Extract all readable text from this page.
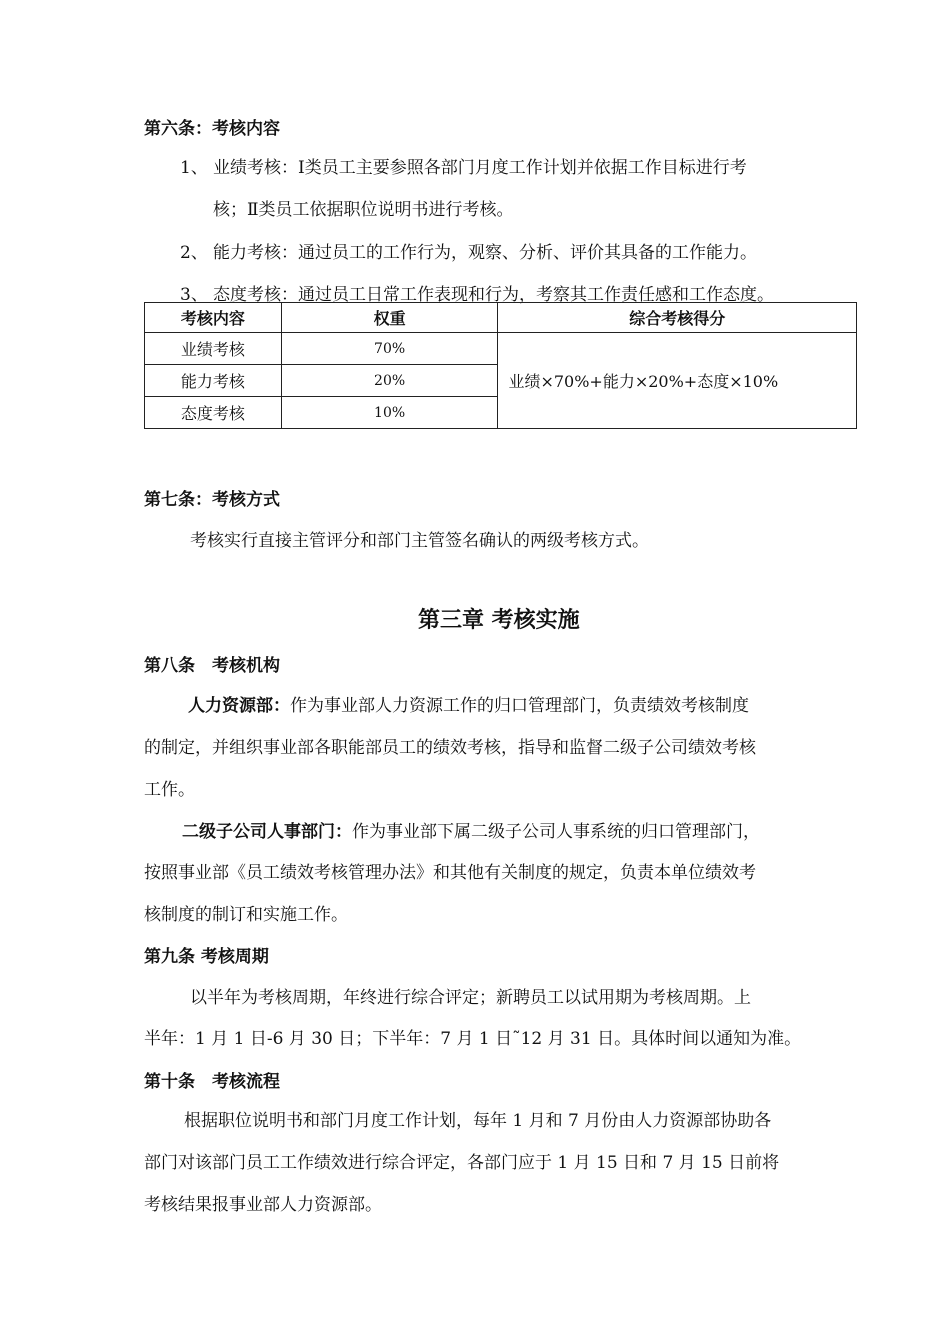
第六条：考核内容
1、 业绩考核：Ⅰ类员工主要参照各部门月度工作计划并依据工作目标进行考
核；Ⅱ类员工依据职位说明书进行考核。
2、 能力考核：通过员工的工作行为，观察、分析、评价其具备的工作能力。
3、 态度考核：通过员工日常工作表现和行为，考察其工作责任感和工作态度。
考核内容	权重	综合考核得分
业绩考核	70%	业绩×70%+能力×20%+态度×10%
能力考核	20%	
态度考核	10%	
第七条：考核方式
考核实行直接主管评分和部门主管签名确认的两级考核方式。
第三章 考核实施
第八条　考核机构
人力资源部：作为事业部人力资源工作的归口管理部门，负责绩效考核制度
的制定，并组织事业部各职能部员工的绩效考核，指导和监督二级子公司绩效考核
工作。
二级子公司人事部门：作为事业部下属二级子公司人事系统的归口管理部门，
按照事业部《员工绩效考核管理办法》和其他有关制度的规定，负责本单位绩效考
核制度的制订和实施工作。
第九条 考核周期
以半年为考核周期，年终进行综合评定；新聘员工以试用期为考核周期。上
半年：1 月 1 日-6 月 30 日；下半年：7 月 1 日˜12 月 31 日。具体时间以通知为准。
第十条　考核流程
根据职位说明书和部门月度工作计划，每年 1 月和 7 月份由人力资源部协助各
部门对该部门员工工作绩效进行综合评定，各部门应于 1 月 15 日和 7 月 15 日前将
考核结果报事业部人力资源部。
